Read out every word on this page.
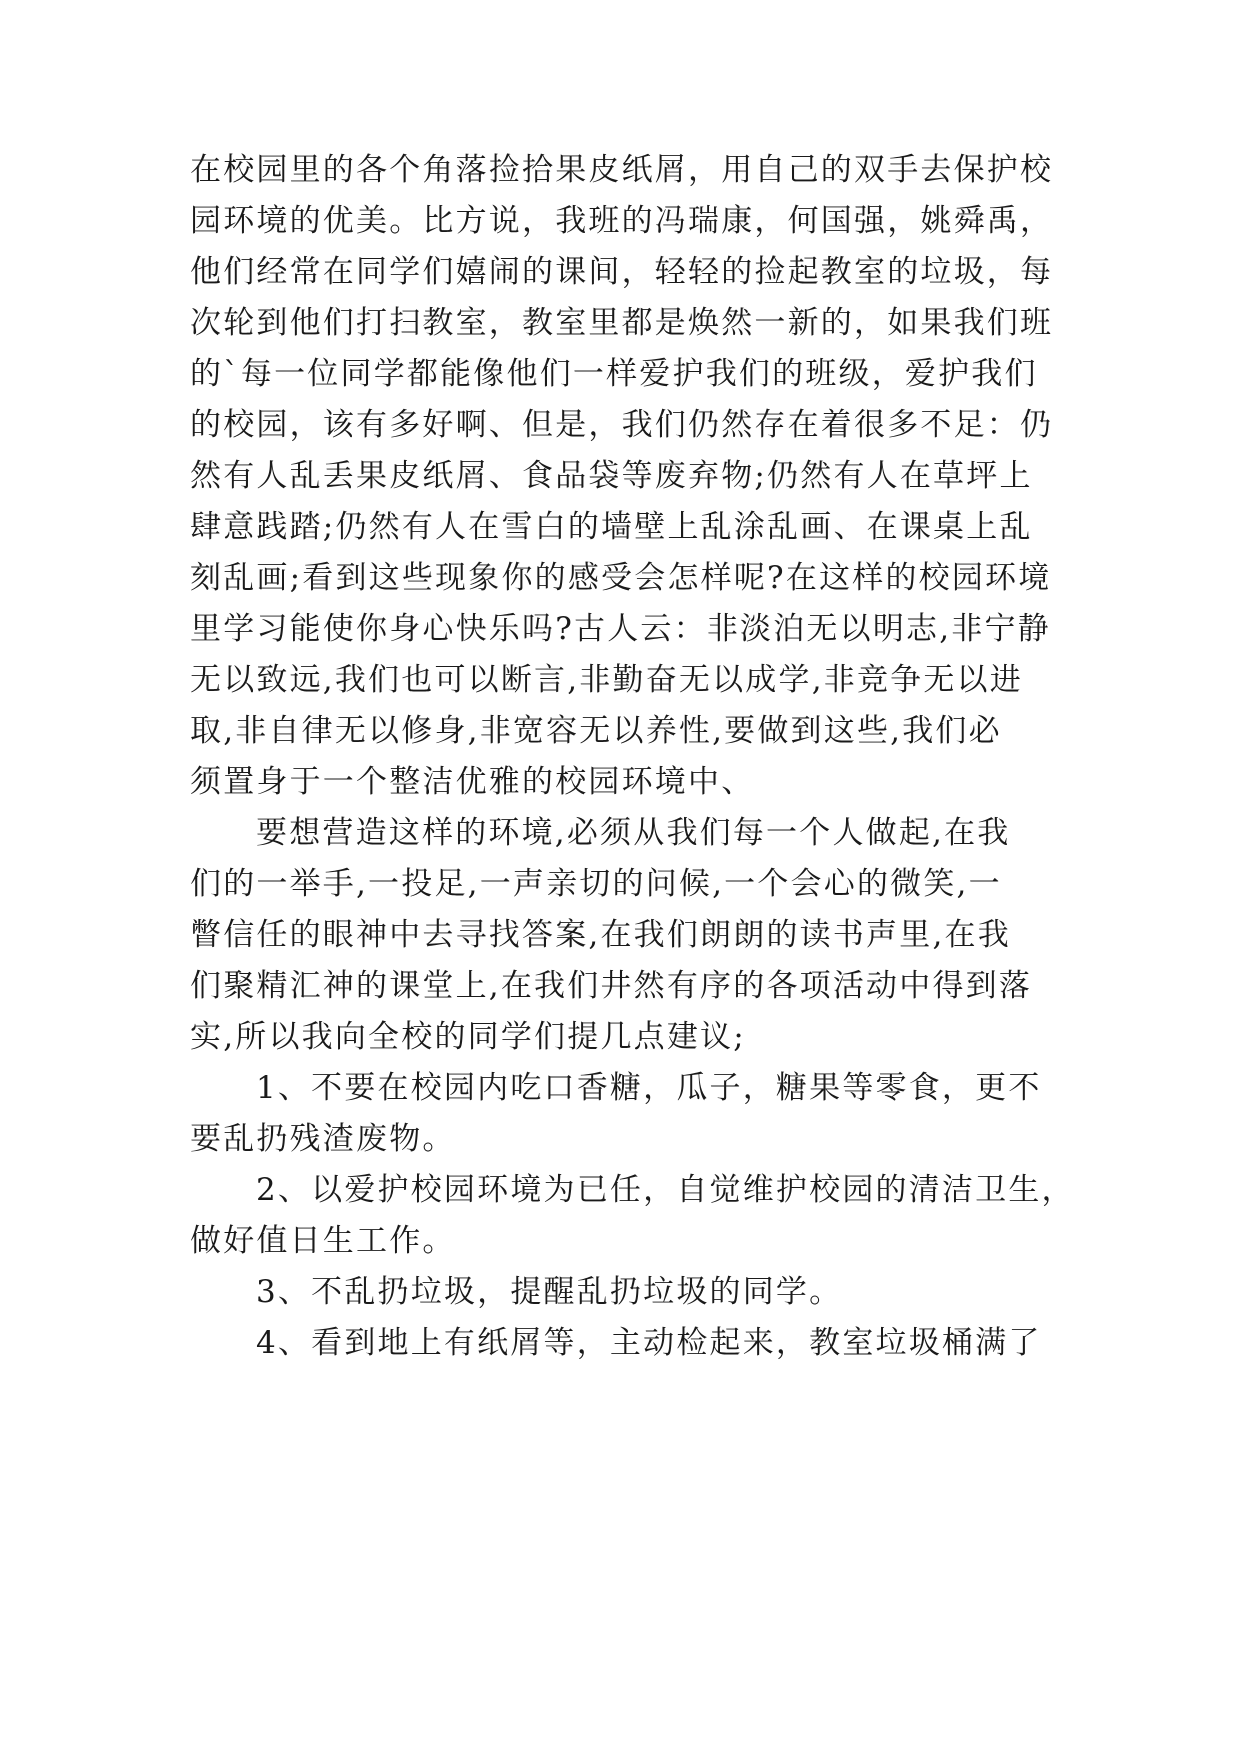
在校园里的各个角落捡拾果皮纸屑，用自己的双手去保护校
园环境的优美。比方说，我班的冯瑞康，何国强，姚舜禹，
他们经常在同学们嬉闹的课间，轻轻的捡起教室的垃圾，每
次轮到他们打扫教室，教室里都是焕然一新的，如果我们班
的`每一位同学都能像他们一样爱护我们的班级，爱护我们
的校园，该有多好啊、但是，我们仍然存在着很多不足：仍
然有人乱丢果皮纸屑、食品袋等废弃物;仍然有人在草坪上
肆意践踏;仍然有人在雪白的墙壁上乱涂乱画、在课桌上乱
刻乱画;看到这些现象你的感受会怎样呢?在这样的校园环境
里学习能使你身心快乐吗?古人云：非淡泊无以明志,非宁静
无以致远,我们也可以断言,非勤奋无以成学,非竞争无以进
取,非自律无以修身,非宽容无以养性,要做到这些,我们必
须置身于一个整洁优雅的校园环境中、
要想营造这样的环境,必须从我们每一个人做起,在我
们的一举手,一投足,一声亲切的问候,一个会心的微笑,一
瞥信任的眼神中去寻找答案,在我们朗朗的读书声里,在我
们聚精汇神的课堂上,在我们井然有序的各项活动中得到落
实,所以我向全校的同学们提几点建议;
1、不要在校园内吃口香糖，瓜子，糖果等零食，更不
要乱扔残渣废物。
2、以爱护校园环境为已任，自觉维护校园的清洁卫生，
做好值日生工作。
3、不乱扔垃圾，提醒乱扔垃圾的同学。
4、看到地上有纸屑等，主动检起来，教室垃圾桶满了
